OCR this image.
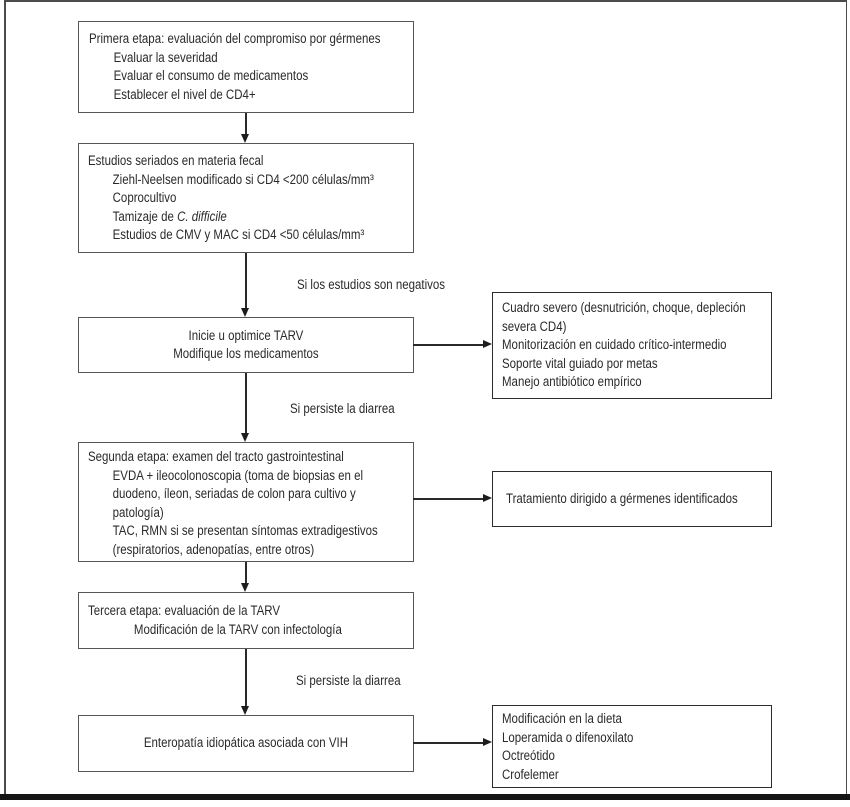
Primera etapa: evaluación del compromiso por gérmenes
Evaluar la severidad
Evaluar el consumo de medicamentos
Establecer el nivel de CD4+
Estudios seriados en materia fecal
Ziehl-Neelsen modificado si CD4 <200 células/mm³
Coprocultivo
Tamizaje de C. difficile
Estudios de CMV y MAC si CD4 <50 células/mm³
Si los estudios son negativos
Inicie u optimice TARV
Modifique los medicamentos
Cuadro severo (desnutrición, choque, depleción severa CD4)
Monitorización en cuidado crítico-intermedio
Soporte vital guiado por metas
Manejo antibiótico empírico
Si persiste la diarrea
Segunda etapa: examen del tracto gastrointestinal
EVDA + ileocolonoscopia (toma de biopsias en el duodeno, íleon, seriadas de colon para cultivo y patología)
TAC, RMN si se presentan síntomas extradigestivos (respiratorios, adenopatías, entre otros)
Tratamiento dirigido a gérmenes identificados
Tercera etapa: evaluación de la TARV
Modificación de la TARV con infectología
Si persiste la diarrea
Enteropatía idiopática asociada con VIH
Modificación en la dieta
Loperamida o difenoxilato
Octreótido
Crofelemer
